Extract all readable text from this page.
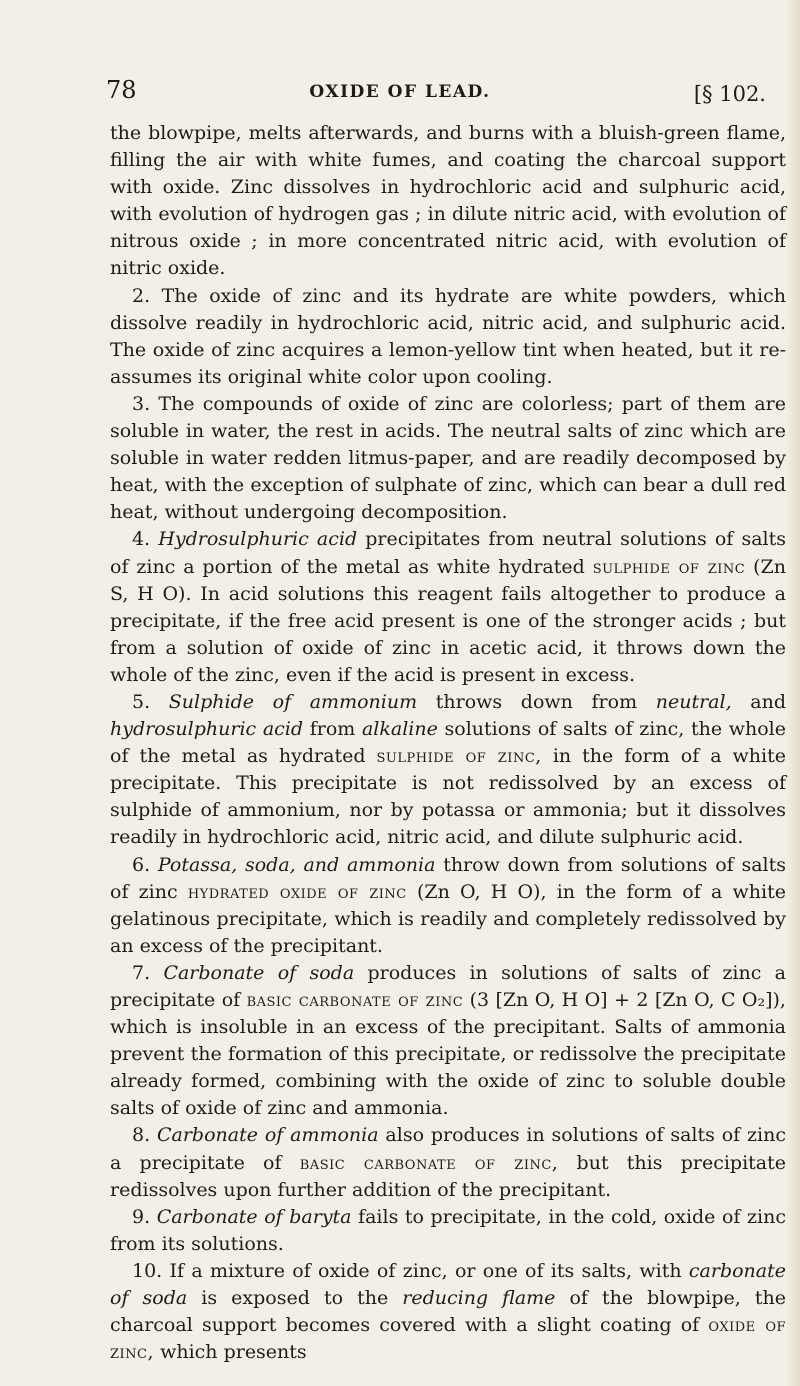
78	OXIDE OF LEAD.	[§ 102.

the blowpipe, melts afterwards, and burns with a bluish-green flame, filling the air with white fumes, and coating the charcoal support with oxide. Zinc dissolves in hydrochloric acid and sulphuric acid, with evolution of hydrogen gas ; in dilute nitric acid, with evolution of nitrous oxide ; in more concentrated nitric acid, with evolution of nitric oxide.

2. The oxide of zinc and its hydrate are white powders, which dissolve readily in hydrochloric acid, nitric acid, and sulphuric acid. The oxide of zinc acquires a lemon-yellow tint when heated, but it re-assumes its original white color upon cooling.

3. The compounds of oxide of zinc are colorless; part of them are soluble in water, the rest in acids. The neutral salts of zinc which are soluble in water redden litmus-paper, and are readily decomposed by heat, with the exception of sulphate of zinc, which can bear a dull red heat, without undergoing decomposition.

4. Hydrosulphuric acid precipitates from neutral solutions of salts of zinc a portion of the metal as white hydrated sulphide of zinc (Zn S, H O). In acid solutions this reagent fails altogether to produce a precipitate, if the free acid present is one of the stronger acids ; but from a solution of oxide of zinc in acetic acid, it throws down the whole of the zinc, even if the acid is present in excess.

5. Sulphide of ammonium throws down from neutral, and hydrosulphuric acid from alkaline solutions of salts of zinc, the whole of the metal as hydrated sulphide of zinc, in the form of a white precipitate. This precipitate is not redissolved by an excess of sulphide of ammonium, nor by potassa or ammonia; but it dissolves readily in hydrochloric acid, nitric acid, and dilute sulphuric acid.

6. Potassa, soda, and ammonia throw down from solutions of salts of zinc hydrated oxide of zinc (Zn O, H O), in the form of a white gelatinous precipitate, which is readily and completely redissolved by an excess of the precipitant.

7. Carbonate of soda produces in solutions of salts of zinc a precipitate of basic carbonate of zinc (3 [Zn O, H O] + 2 [Zn O, C O₂]), which is insoluble in an excess of the precipitant. Salts of ammonia prevent the formation of this precipitate, or redissolve the precipitate already formed, combining with the oxide of zinc to soluble double salts of oxide of zinc and ammonia.

8. Carbonate of ammonia also produces in solutions of salts of zinc a precipitate of basic carbonate of zinc, but this precipitate redissolves upon further addition of the precipitant.

9. Carbonate of baryta fails to precipitate, in the cold, oxide of zinc from its solutions.

10. If a mixture of oxide of zinc, or one of its salts, with carbonate of soda is exposed to the reducing flame of the blowpipe, the charcoal support becomes covered with a slight coating of oxide of zinc, which presents
